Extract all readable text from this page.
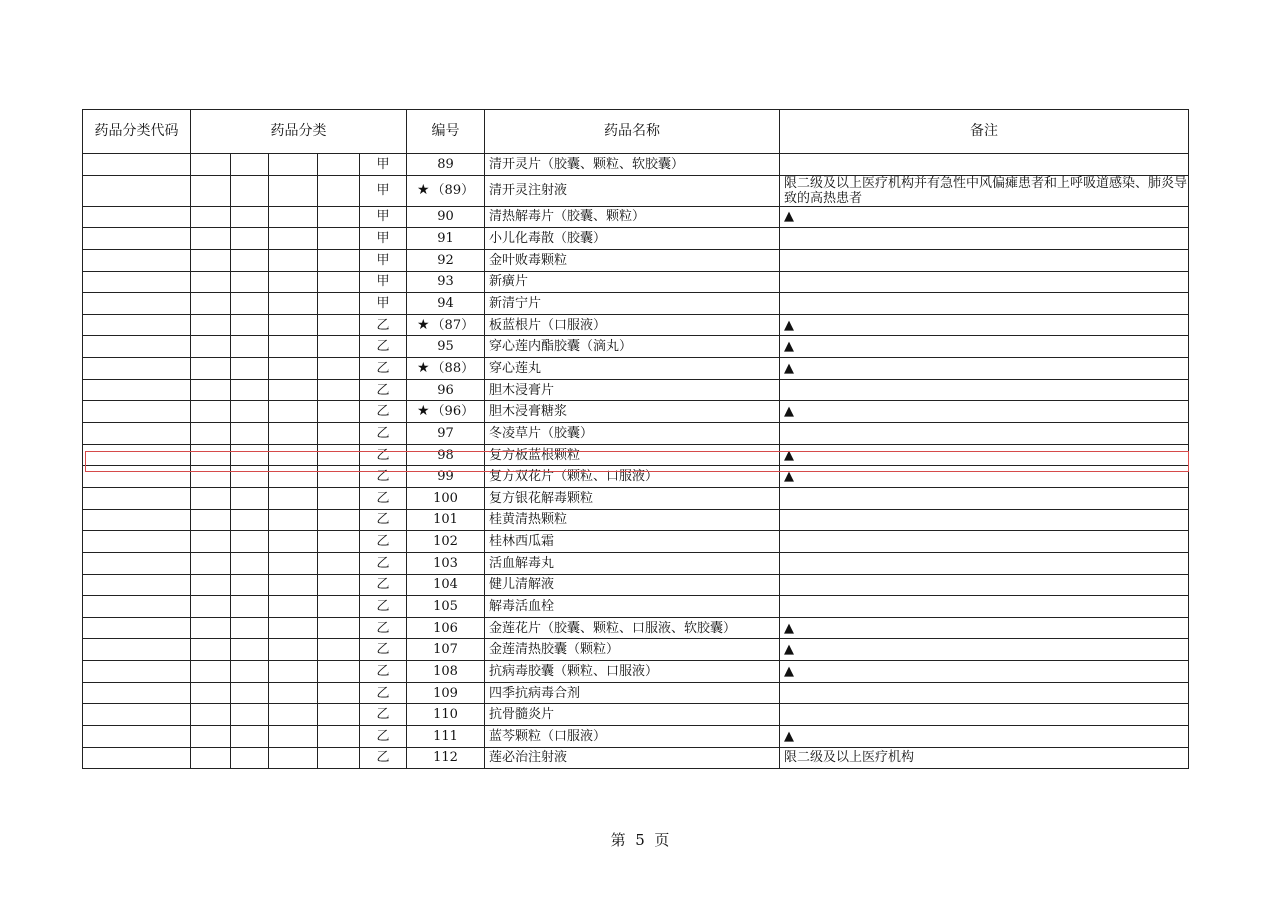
药品分类代码	药品分类					编号	药品名称	备注
					甲	89	清开灵片（胶囊、颗粒、软胶囊）	
					甲	★ （89）	清开灵注射液	限二级及以上医疗机构并有急性中风偏瘫患者和上呼吸道感染、肺炎导致的高热患者
					甲	90	清热解毒片（胶囊、颗粒）	▲
					甲	91	小儿化毒散（胶囊）	
					甲	92	金叶败毒颗粒	
					甲	93	新癀片	
					甲	94	新清宁片	
					乙	★ （87）	板蓝根片（口服液）	▲
					乙	95	穿心莲内酯胶囊（滴丸）	▲
					乙	★ （88）	穿心莲丸	▲
					乙	96	胆木浸膏片	
					乙	★ （96）	胆木浸膏糖浆	▲
					乙	97	冬凌草片（胶囊）	
					乙	98	复方板蓝根颗粒	▲
					乙	99	复方双花片（颗粒、口服液）	▲
					乙	100	复方银花解毒颗粒	
					乙	101	桂黄清热颗粒	
					乙	102	桂林西瓜霜	
					乙	103	活血解毒丸	
					乙	104	健儿清解液	
					乙	105	解毒活血栓	
					乙	106	金莲花片（胶囊、颗粒、口服液、软胶囊）	▲
					乙	107	金莲清热胶囊（颗粒）	▲
					乙	108	抗病毒胶囊（颗粒、口服液）	▲
					乙	109	四季抗病毒合剂	
					乙	110	抗骨髓炎片	
					乙	111	蓝芩颗粒（口服液）	▲
					乙	112	莲必治注射液	限二级及以上医疗机构
第 5 页
